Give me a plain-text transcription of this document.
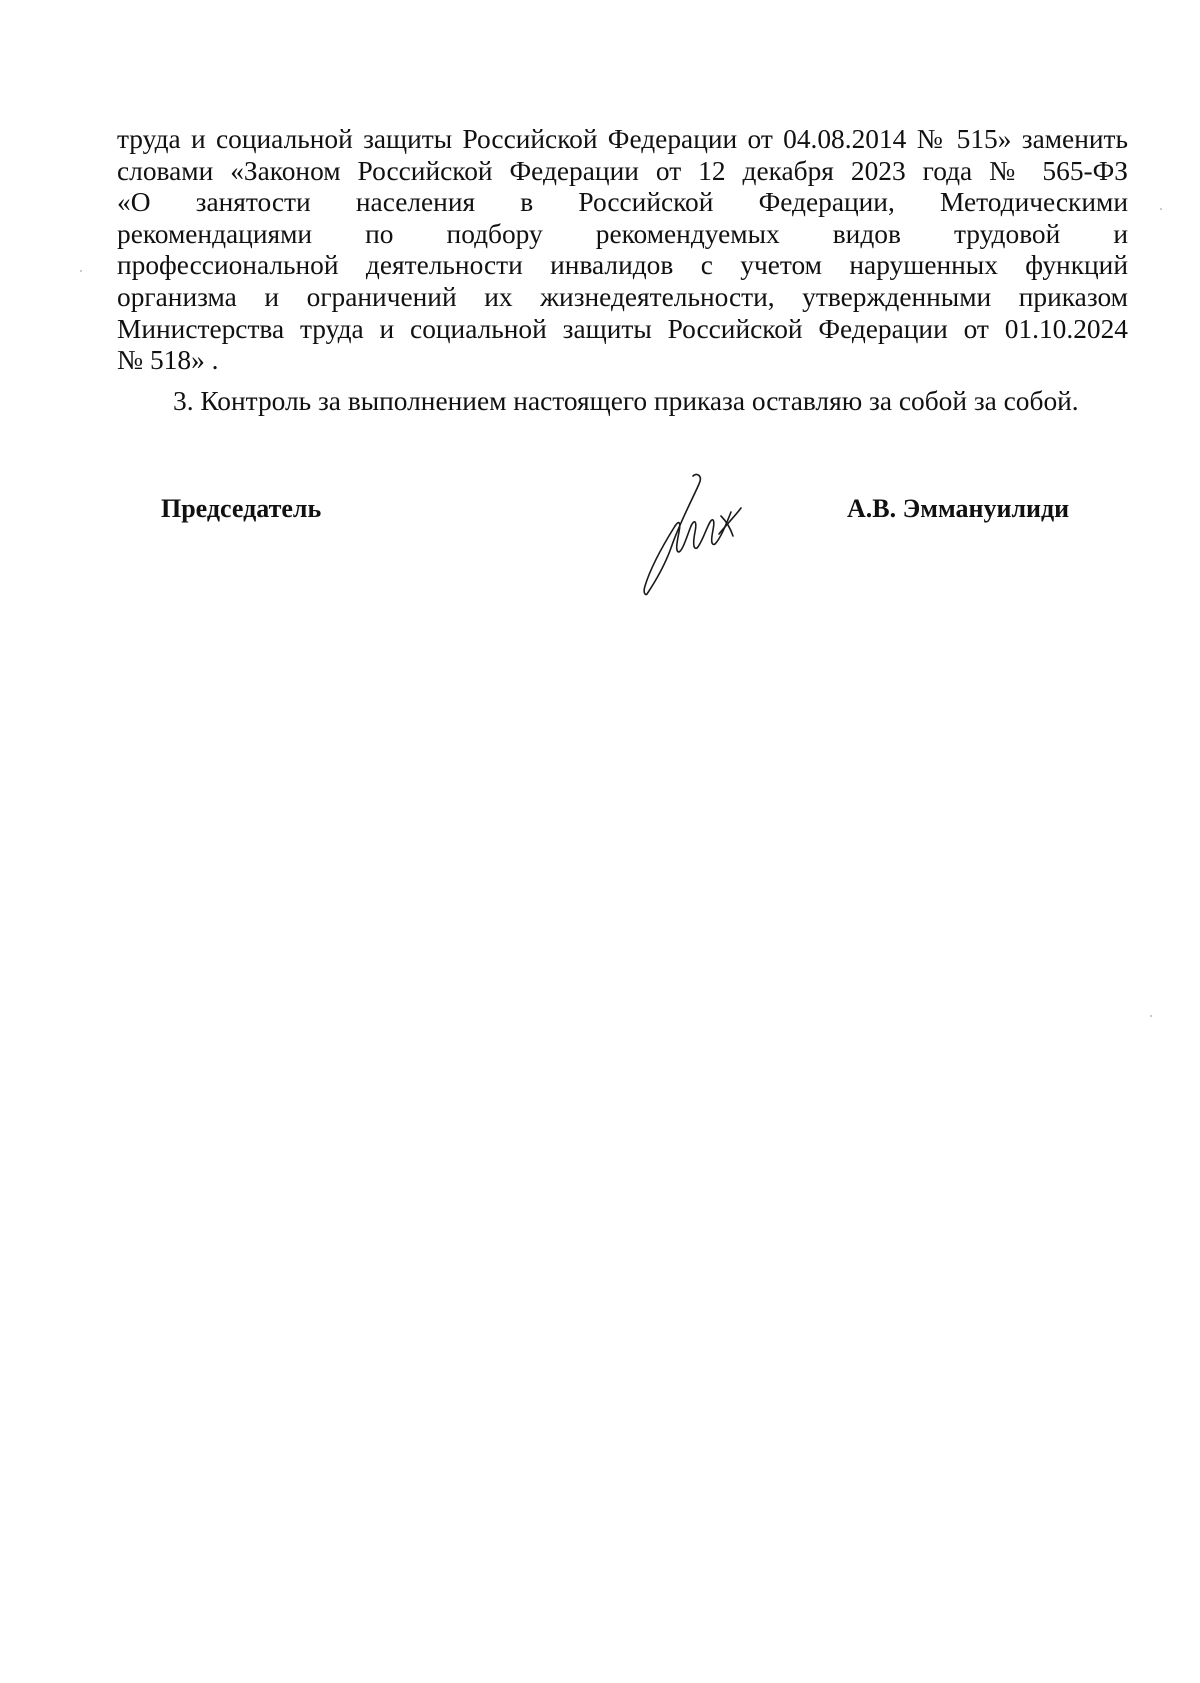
труда и социальной защиты Российской Федерации от 04.08.2014 № 515» заменить
словами «Законом Российской Федерации от 12 декабря 2023 года № 565-ФЗ
«О занятости населения в Российской Федерации, Методическими
рекомендациями по подбору рекомендуемых видов трудовой и
профессиональной деятельности инвалидов с учетом нарушенных функций
организма и ограничений их жизнедеятельности, утвержденными приказом
Министерства труда и социальной защиты Российской Федерации от 01.10.2024
№ 518» .
3. Контроль за выполнением настоящего приказа оставляю за собой за собой.
Председатель	А.В. Эммануилиди
